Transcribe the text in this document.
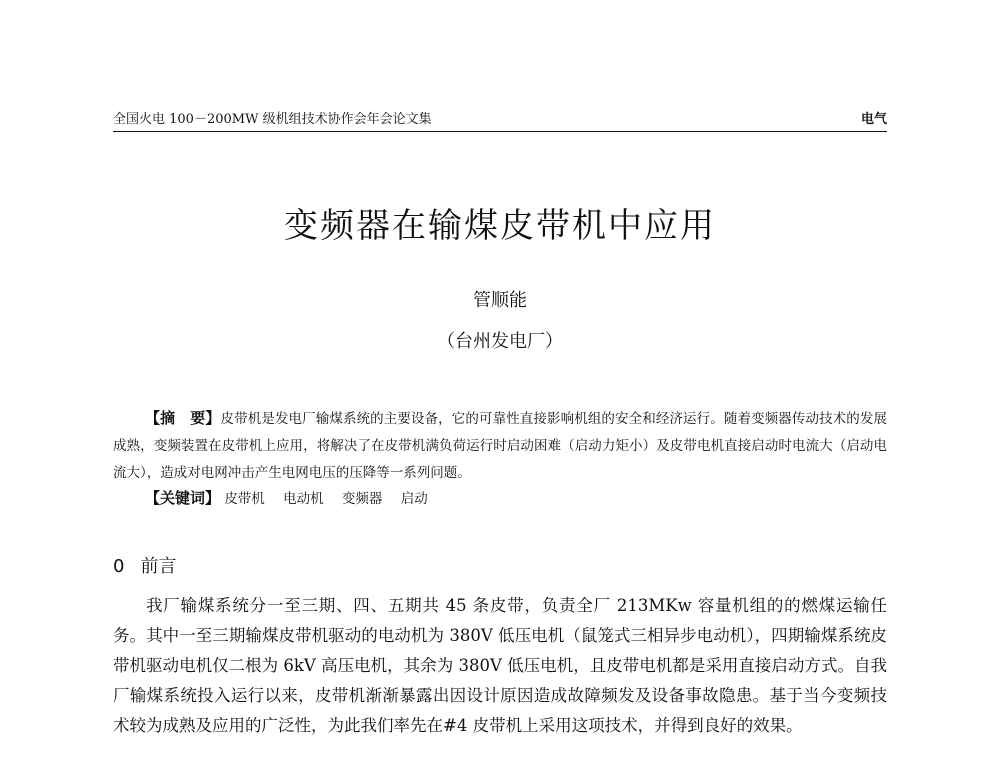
全国火电 100－200MW 级机组技术协作会年会论文集	电气
变频器在输煤皮带机中应用
管顺能
（台州发电厂）
【摘　要】皮带机是发电厂输煤系统的主要设备，它的可靠性直接影响机组的安全和经济运行。随着变频器传动技术的发展成熟，变频装置在皮带机上应用，将解决了在皮带机满负荷运行时启动困难（启动力矩小）及皮带电机直接启动时电流大（启动电流大），造成对电网冲击产生电网电压的压降等一系列问题。
【关键词】 皮带机 电动机 变频器 启动
0 前言
我厂输煤系统分一至三期、四、五期共 45 条皮带，负责全厂 213MKw 容量机组的的燃煤运输任务。其中一至三期输煤皮带机驱动的电动机为 380V 低压电机（鼠笼式三相异步电动机），四期输煤系统皮带机驱动电机仅二根为 6kV 高压电机，其余为 380V 低压电机，且皮带电机都是采用直接启动方式。自我厂输煤系统投入运行以来，皮带机渐渐暴露出因设计原因造成故障频发及设备事故隐患。基于当今变频技术较为成熟及应用的广泛性，为此我们率先在#4 皮带机上采用这项技术，并得到良好的效果。
